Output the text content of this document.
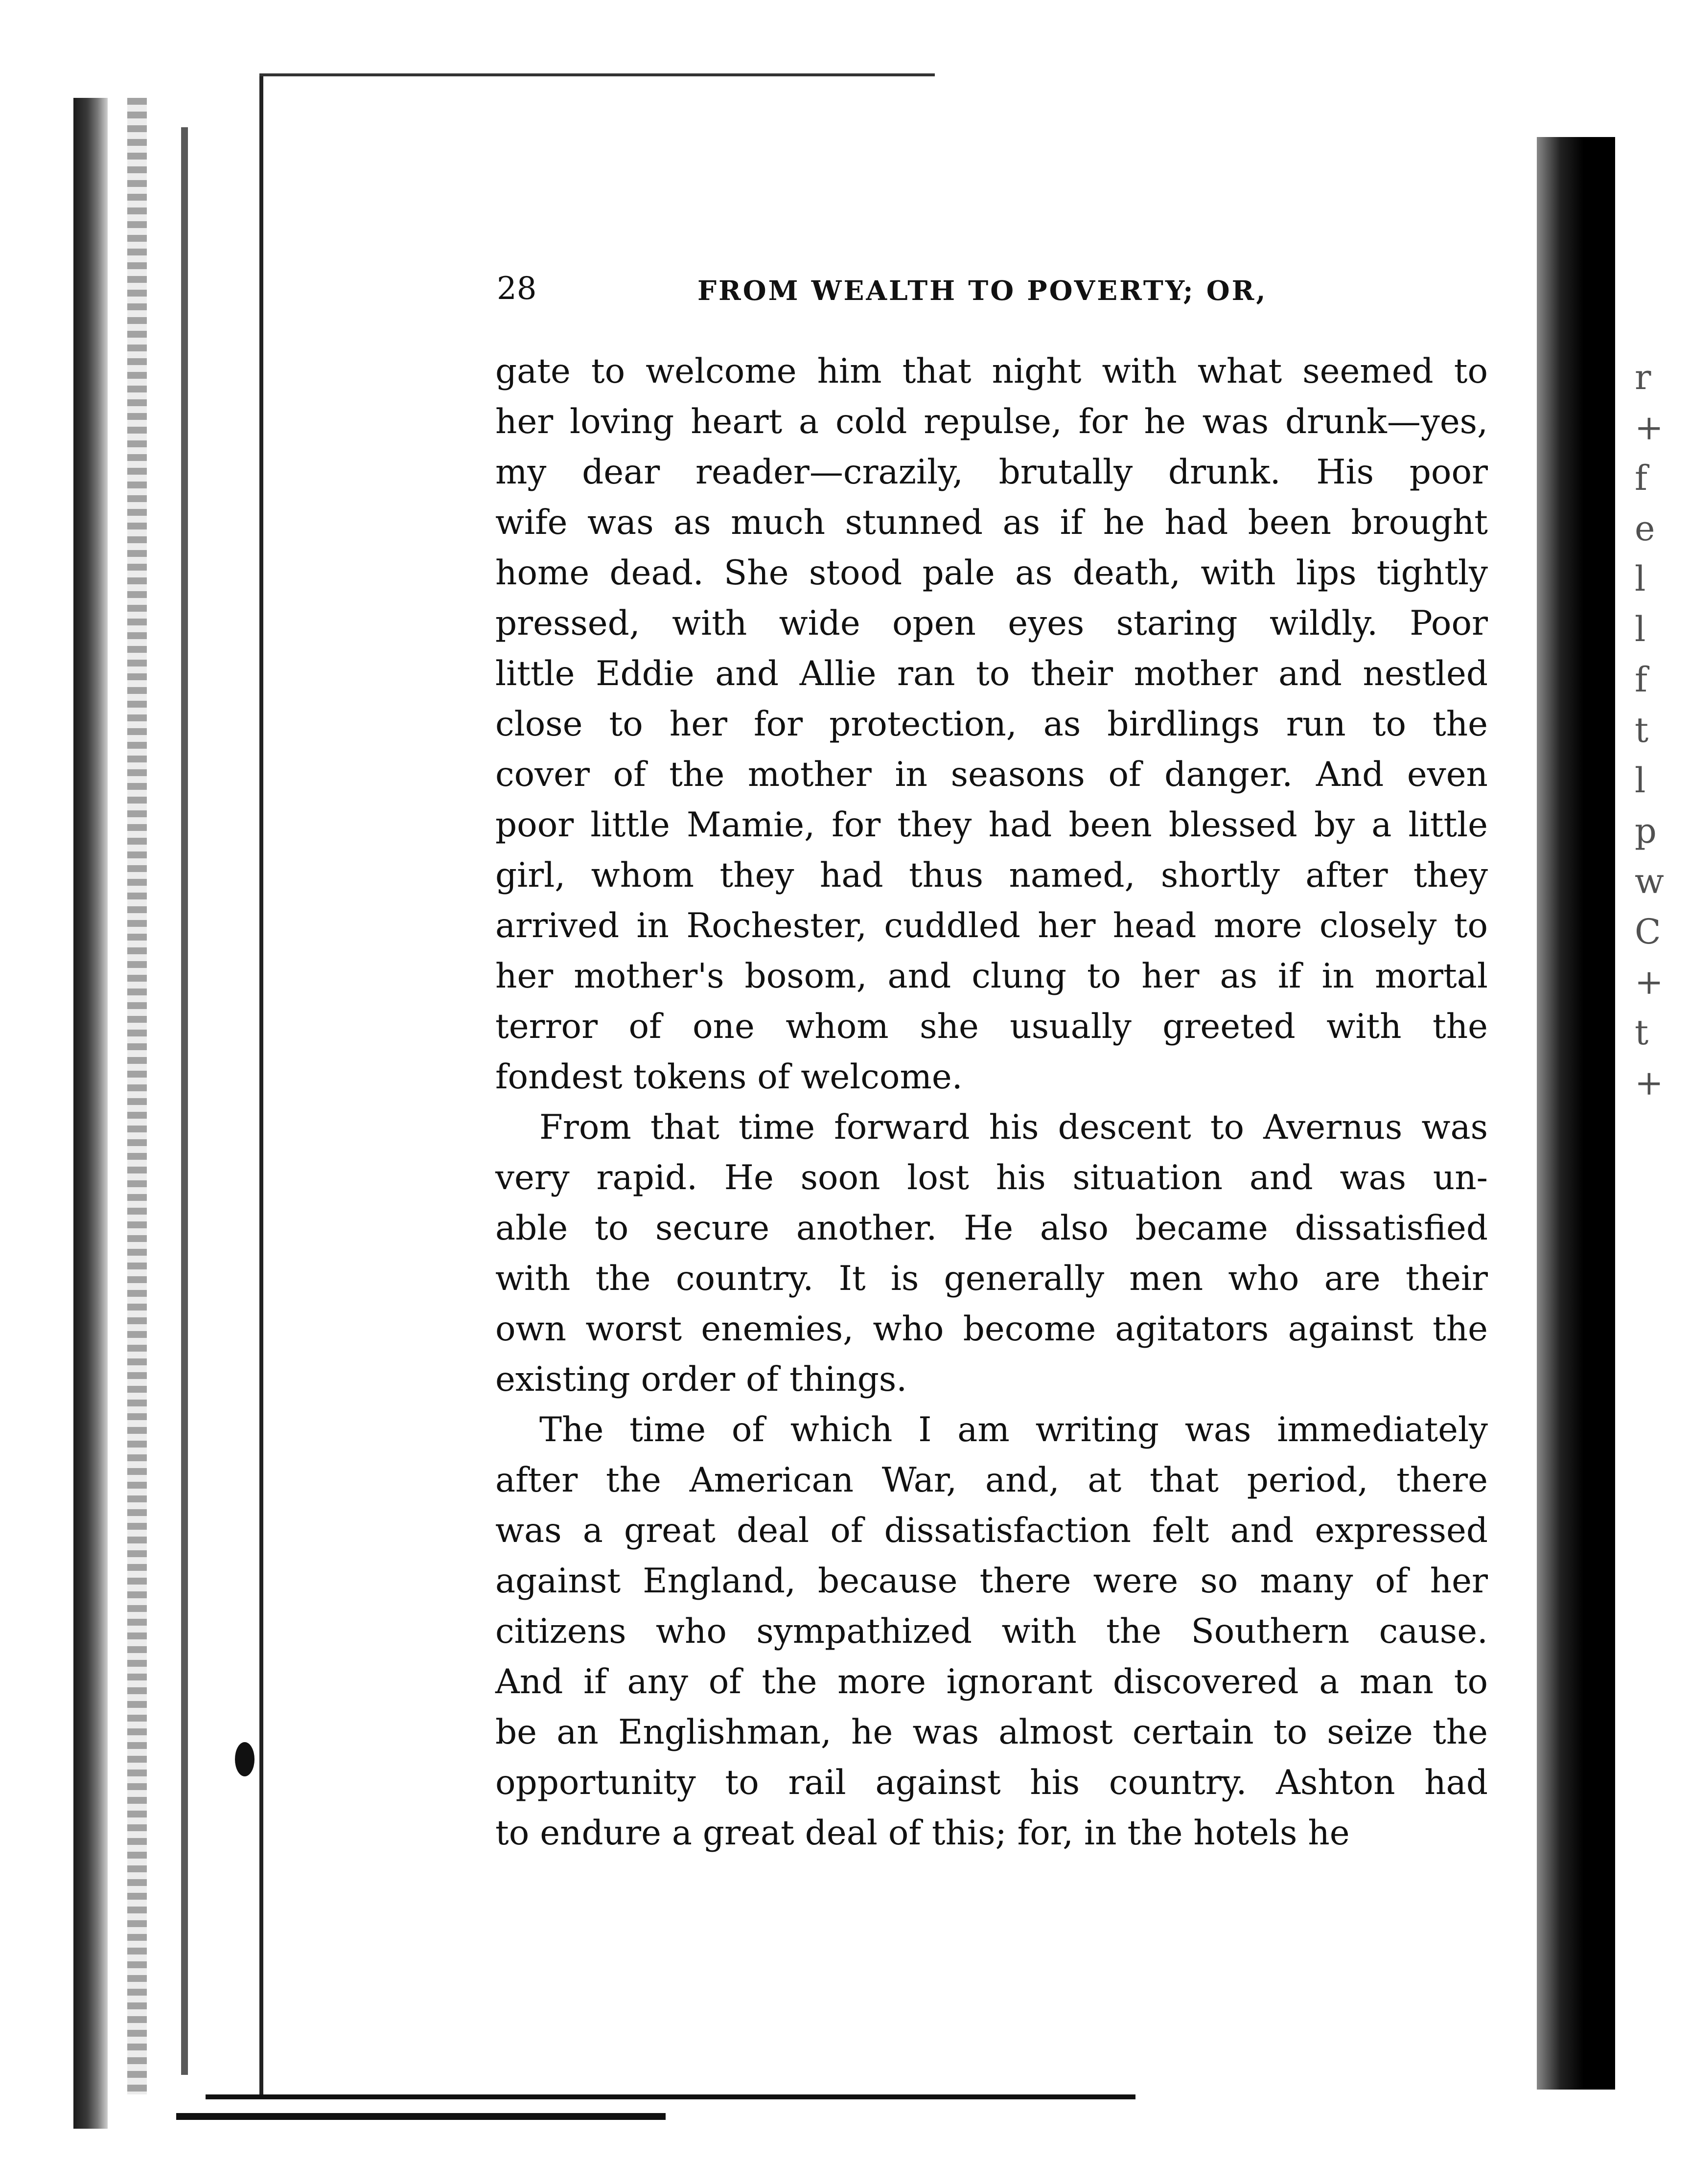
r
+
f
e
l
l
f
t
l
p
w
C
+
t
+
28	FROM WEALTH TO POVERTY; OR,
gate to welcome him that night with what seemed to
her loving heart a cold repulse, for he was drunk—yes,
my dear reader—crazily, brutally drunk. His poor
wife was as much stunned as if he had been brought
home dead. She stood pale as death, with lips tightly
pressed, with wide open eyes staring wildly. Poor
little Eddie and Allie ran to their mother and nestled
close to her for protection, as birdlings run to the
cover of the mother in seasons of danger. And even
poor little Mamie, for they had been blessed by a little
girl, whom they had thus named, shortly after they
arrived in Rochester, cuddled her head more closely to
her mother's bosom, and clung to her as if in mortal
terror of one whom she usually greeted with the
fondest tokens of welcome.
From that time forward his descent to Avernus was
very rapid. He soon lost his situation and was un-
able to secure another. He also became dissatisfied
with the country. It is generally men who are their
own worst enemies, who become agitators against the
existing order of things.
The time of which I am writing was immediately
after the American War, and, at that period, there
was a great deal of dissatisfaction felt and expressed
against England, because there were so many of her
citizens who sympathized with the Southern cause.
And if any of the more ignorant discovered a man to
be an Englishman, he was almost certain to seize the
opportunity to rail against his country. Ashton had
to endure a great deal of this; for, in the hotels he
